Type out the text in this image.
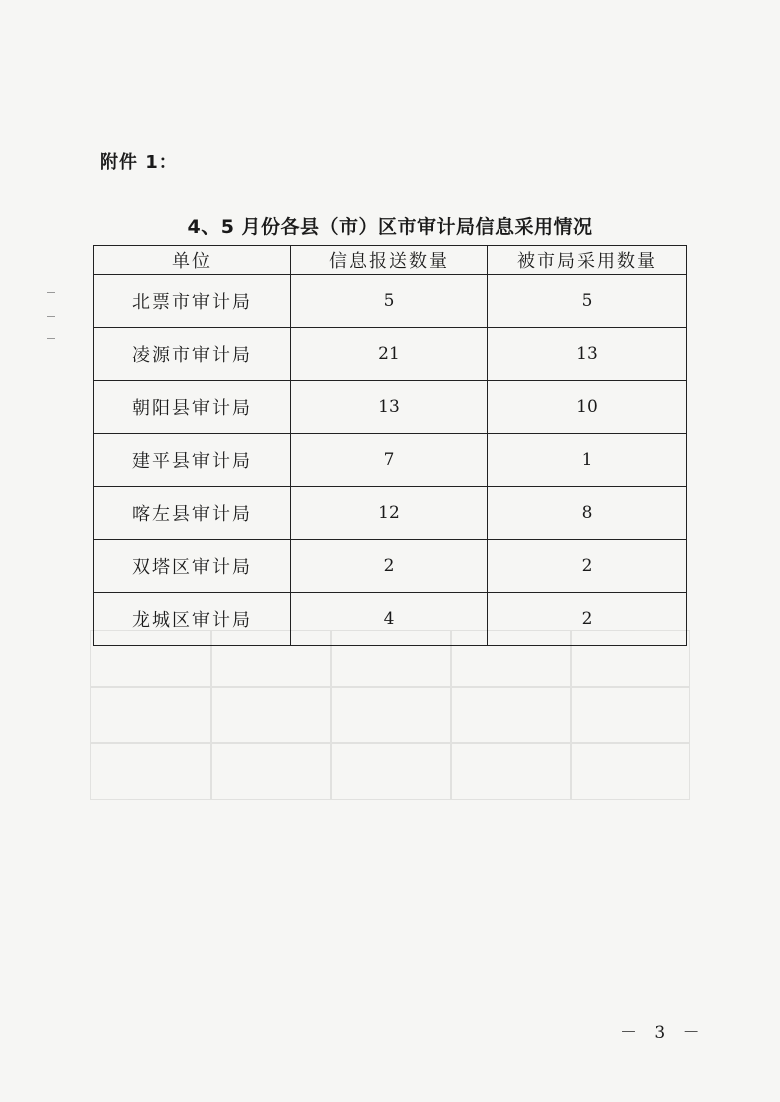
附件 1：
4、5 月份各县（市）区市审计局信息采用情况
单位	信息报送数量	被市局采用数量
北票市审计局	5	5
凌源市审计局	21	13
朝阳县审计局	13	10
建平县审计局	7	1
喀左县审计局	12	8
双塔区审计局	2	2
龙城区审计局	4	2
－ 3 －
